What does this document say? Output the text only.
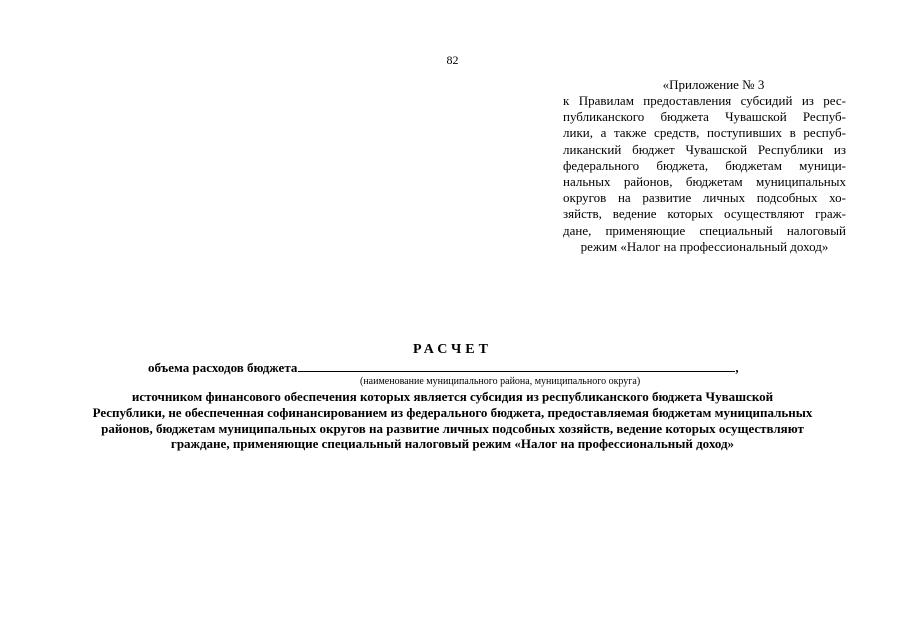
82
«Приложение № 3
к Правилам предоставления субсидий из рес-
публиканского бюджета Чувашской Респуб-
лики, а также средств, поступивших в респуб-
ликанский бюджет Чувашской Республики из
федерального бюджета, бюджетам муници-
нальных районов, бюджетам муниципальных
округов на развитие личных подсобных хо-
зяйств, ведение которых осуществляют граж-
дане, применяющие специальный налоговый
режим «Налог на профессиональный доход»
РАСЧЕТ
объема расходов бюджета	,
(наименование муниципального района, муниципального округа)
источником финансового обеспечения которых является субсидия из республиканского бюджета Чувашской
Республики, не обеспеченная софинансированием из федерального бюджета, предоставляемая бюджетам муниципальных
районов, бюджетам муниципальных округов на развитие личных подсобных хозяйств, ведение которых осуществляют
граждане, применяющие специальный налоговый режим «Налог на профессиональный доход»
